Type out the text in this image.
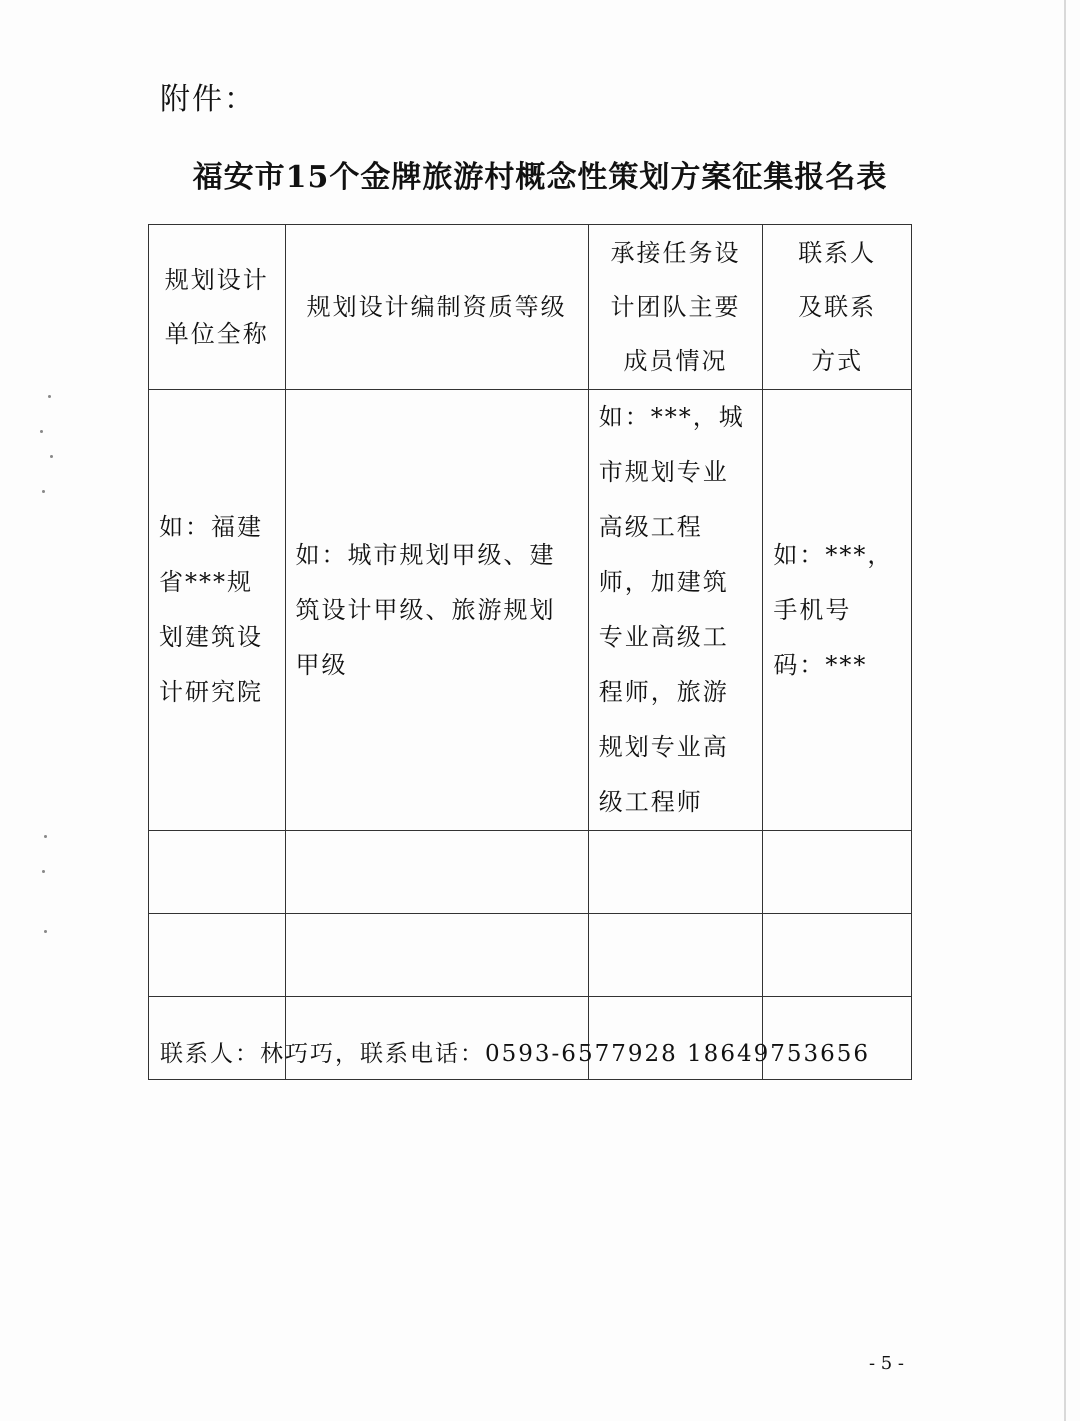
附件：
福安市15个金牌旅游村概念性策划方案征集报名表
规划设计单位全称	规划设计编制资质等级	承接任务设计团队主要成员情况	联系人及联系方式

如：福建省***规划建筑设计研究院	如：城市规划甲级、建筑设计甲级、旅游规划甲级	如：***，城市规划专业高级工程师，加建筑专业高级工程师，旅游规划专业高级工程师	如：***，手机号码：***

联系人：林巧巧，联系电话：0593-6577928 18649753656
- 5 -
